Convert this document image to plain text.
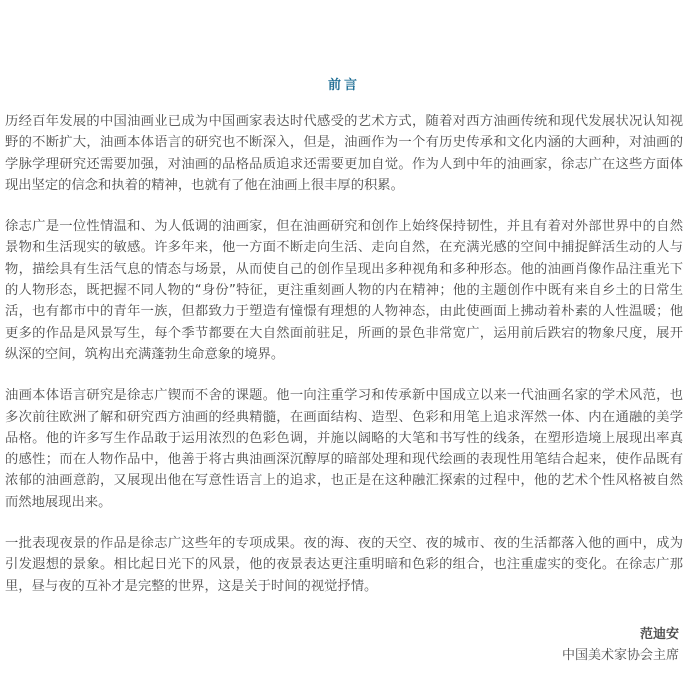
前言

历经百年发展的中国油画业已成为中国画家表达时代感受的艺术方式，随着对西方油画传统和现代发展状况认知视野的不断扩大，油画本体语言的研究也不断深入，但是，油画作为一个有历史传承和文化内涵的大画种，对油画的学脉学理研究还需要加强，对油画的品格品质追求还需要更加自觉。作为人到中年的油画家，徐志广在这些方面体现出坚定的信念和执着的精神，也就有了他在油画上很丰厚的积累。

徐志广是一位性情温和、为人低调的油画家，但在油画研究和创作上始终保持韧性，并且有着对外部世界中的自然景物和生活现实的敏感。许多年来，他一方面不断走向生活、走向自然，在充满光感的空间中捕捉鲜活生动的人与物，描绘具有生活气息的情态与场景，从而使自己的创作呈现出多种视角和多种形态。他的油画肖像作品注重光下的人物形态，既把握不同人物的“身份”特征，更注重刻画人物的内在精神；他的主题创作中既有来自乡土的日常生活，也有都市中的青年一族，但都致力于塑造有憧憬有理想的人物神态，由此使画面上拂动着朴素的人性温暖；他更多的作品是风景写生，每个季节都要在大自然面前驻足，所画的景色非常宽广，运用前后跌宕的物象尺度，展开纵深的空间，筑构出充满蓬勃生命意象的境界。

油画本体语言研究是徐志广锲而不舍的课题。他一向注重学习和传承新中国成立以来一代油画名家的学术风范，也多次前往欧洲了解和研究西方油画的经典精髓，在画面结构、造型、色彩和用笔上追求浑然一体、内在通融的美学品格。他的许多写生作品敢于运用浓烈的色彩色调，并施以阔略的大笔和书写性的线条，在塑形造境上展现出率真的感性；而在人物作品中，他善于将古典油画深沉醇厚的暗部处理和现代绘画的表现性用笔结合起来，使作品既有浓郁的油画意韵，又展现出他在写意性语言上的追求，也正是在这种融汇探索的过程中，他的艺术个性风格被自然而然地展现出来。

一批表现夜景的作品是徐志广这些年的专项成果。夜的海、夜的天空、夜的城市、夜的生活都落入他的画中，成为引发遐想的景象。相比起日光下的风景，他的夜景表达更注重明暗和色彩的组合，也注重虚实的变化。在徐志广那里，昼与夜的互补才是完整的世界，这是关于时间的视觉抒情。

范迪安
中国美术家协会主席
